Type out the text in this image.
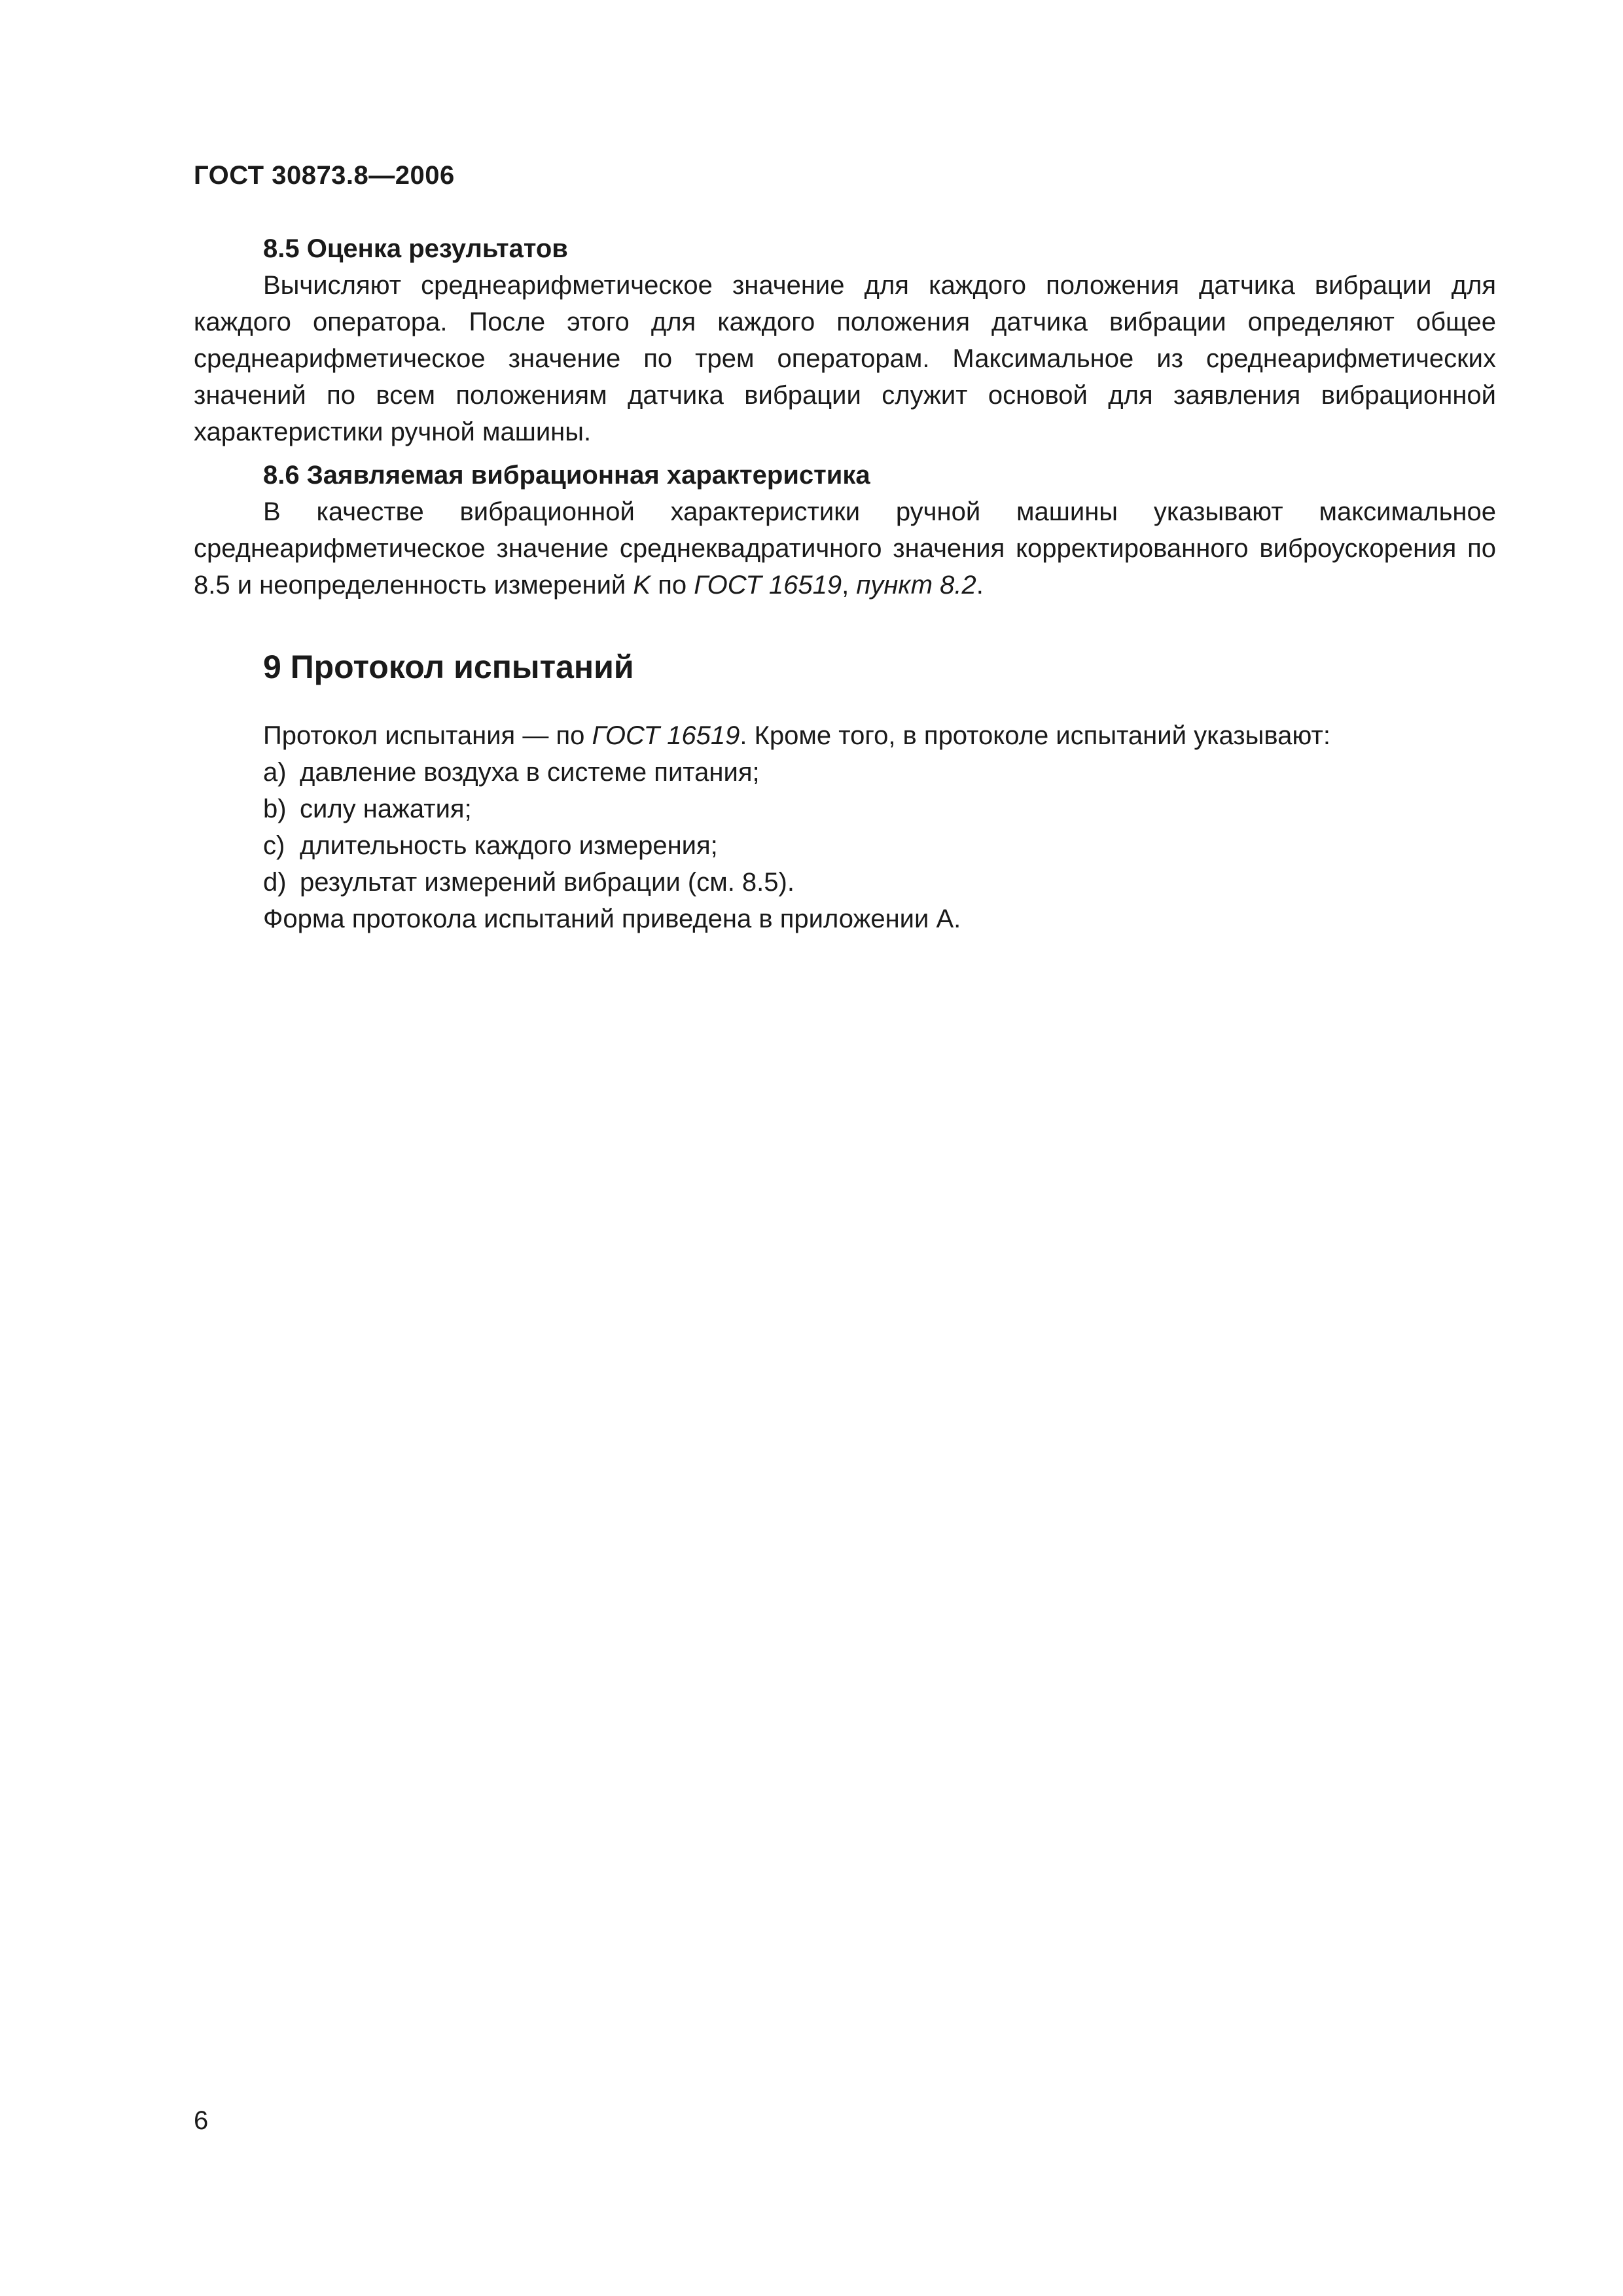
ГОСТ 30873.8—2006

8.5 Оценка результатов

Вычисляют среднеарифметическое значение для каждого положения датчика вибрации для каждого оператора. После этого для каждого положения датчика вибрации определяют общее среднеарифметическое значение по трем операторам. Максимальное из среднеарифметических значений по всем положениям датчика вибрации служит основой для заявления вибрационной характеристики ручной машины.

8.6 Заявляемая вибрационная характеристика

В качестве вибрационной характеристики ручной машины указывают максимальное среднеарифметическое значение среднеквадратичного значения корректированного виброускорения по 8.5 и неопределенность измерений K по ГОСТ 16519, пункт 8.2.

9 Протокол испытаний

Протокол испытания — по ГОСТ 16519. Кроме того, в протоколе испытаний указывают:

a) давление воздуха в системе питания;

b) силу нажатия;

c) длительность каждого измерения;

d) результат измерений вибрации (см. 8.5).

Форма протокола испытаний приведена в приложении А.

6
